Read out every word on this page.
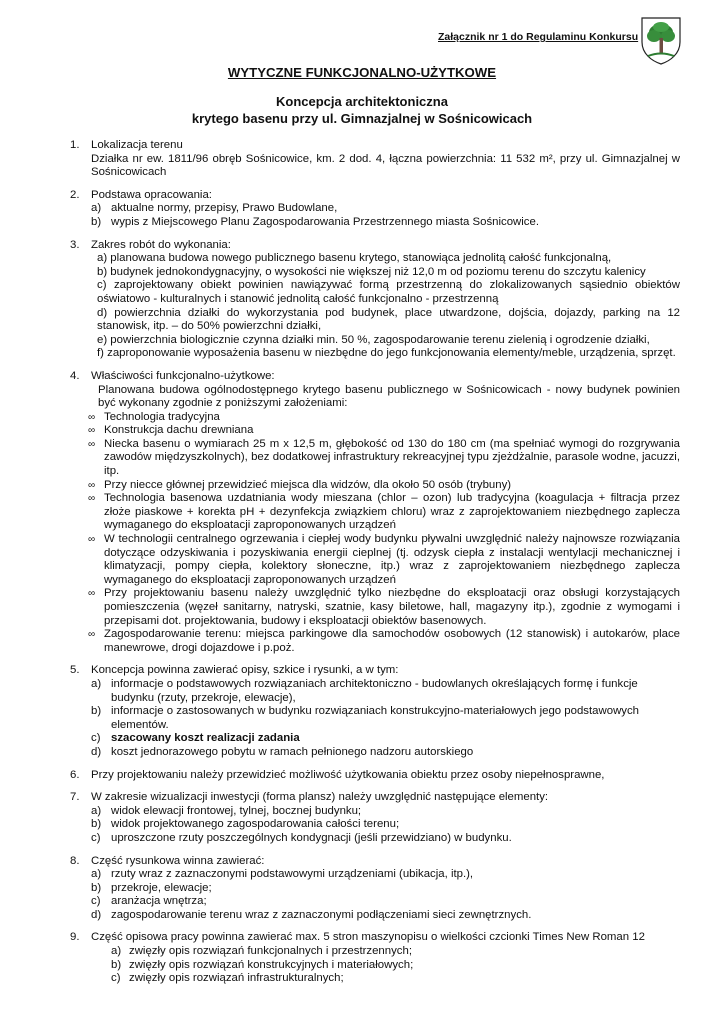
Załącznik nr 1 do Regulaminu Konkursu
WYTYCZNE FUNKCJONALNO-UŻYTKOWE
Koncepcja architektoniczna
krytego basenu przy ul. Gimnazjalnej w Sośnicowicach
1. Lokalizacja terenu

Działka nr ew. 1811/96 obręb Sośnicowice, km. 2 dod. 4, łączna powierzchnia: 11 532 m², przy ul. Gimnazjalnej w Sośnicowicach

2. Podstawa opracowania:

a) aktualne normy, przepisy, Prawo Budowlane,
b) wypis z Miejscowego Planu Zagospodarowania Przestrzennego miasta Sośnicowice.
3. Zakres robót do wykonania:

a) planowana budowa nowego publicznego basenu krytego, stanowiąca jednolitą całość funkcjonalną,

b) budynek jednokondygnacyjny, o wysokości nie większej niż 12,0 m od poziomu terenu do szczytu kalenicy

c) zaprojektowany obiekt powinien nawiązywać formą przestrzenną do zlokalizowanych sąsiednio obiektów oświatowo - kulturalnych i stanowić jednolitą całość funkcjonalno - przestrzenną

d) powierzchnia działki do wykorzystania pod budynek, place utwardzone, dojścia, dojazdy, parking na 12 stanowisk, itp. – do 50% powierzchni działki,

e) powierzchnia biologicznie czynna działki min. 50 %, zagospodarowanie terenu zielenią i ogrodzenie działki,

f) zaproponowanie wyposażenia basenu w niezbędne do jego funkcjonowania elementy/meble, urządzenia, sprzęt.

4. Właściwości funkcjonalno-użytkowe:

Planowana budowa ogólnodostępnego krytego basenu publicznego w Sośnicowicach - nowy budynek powinien być wykonany zgodnie z poniższymi założeniami:

∞ Technologia tradycyjna
∞ Konstrukcja dachu drewniana
∞ Niecka basenu o wymiarach 25 m x 12,5 m, głębokość od 130 do 180 cm (ma spełniać wymogi do rozgrywania zawodów międzyszkolnych), bez dodatkowej infrastruktury rekreacyjnej typu zjeżdżalnie, parasole wodne, jacuzzi, itp.
∞ Przy niecce głównej przewidzieć miejsca dla widzów, dla około 50 osób (trybuny)
∞ Technologia basenowa uzdatniania wody mieszana (chlor – ozon) lub tradycyjna (koagulacja + filtracja przez złoże piaskowe + korekta pH + dezynfekcja związkiem chloru) wraz z zaprojektowaniem niezbędnego zaplecza wymaganego do eksploatacji zaproponowanych urządzeń
∞ W technologii centralnego ogrzewania i ciepłej wody budynku pływalni uwzględnić należy najnowsze rozwiązania dotyczące odzyskiwania i pozyskiwania energii cieplnej (tj. odzysk ciepła z instalacji wentylacji mechanicznej i klimatyzacji, pompy ciepła, kolektory słoneczne, itp.) wraz z zaprojektowaniem niezbędnego zaplecza wymaganego do eksploatacji zaproponowanych urządzeń
∞ Przy projektowaniu basenu należy uwzględnić tylko niezbędne do eksploatacji oraz obsługi korzystających pomieszczenia (węzeł sanitarny, natryski, szatnie, kasy biletowe, hall, magazyny itp.), zgodnie z wymogami i przepisami dot. projektowania, budowy i eksploatacji obiektów basenowych.
∞ Zagospodarowanie terenu: miejsca parkingowe dla samochodów osobowych (12 stanowisk) i autokarów, place manewrowe, drogi dojazdowe i p.poż.
5. Koncepcja powinna zawierać opisy, szkice i rysunki, a w tym:

a) informacje o podstawowych rozwiązaniach architektoniczno - budowlanych określających formę i funkcje budynku (rzuty, przekroje, elewacje),
b) informacje o zastosowanych w budynku rozwiązaniach konstrukcyjno-materiałowych jego podstawowych elementów.
c) szacowany koszt realizacji zadania
d) koszt jednorazowego pobytu w ramach pełnionego nadzoru autorskiego
6. Przy projektowaniu należy przewidzieć możliwość użytkowania obiektu przez osoby niepełnosprawne,

7. W zakresie wizualizacji inwestycji (forma plansz) należy uwzględnić następujące elementy:

a) widok elewacji frontowej, tylnej, bocznej budynku;
b) widok projektowanego zagospodarowania całości terenu;
c) uproszczone rzuty poszczególnych kondygnacji (jeśli przewidziano) w budynku.
8. Część rysunkowa winna zawierać:

a) rzuty wraz z zaznaczonymi podstawowymi urządzeniami (ubikacja, itp.),
b) przekroje, elewacje;
c) aranżacja wnętrza;
d) zagospodarowanie terenu wraz z zaznaczonymi podłączeniami sieci zewnętrznych.
9. Część opisowa pracy powinna zawierać max. 5 stron maszynopisu o wielkości czcionki Times New Roman 12

a) zwięzły opis rozwiązań funkcjonalnych i przestrzennych;
b) zwięzły opis rozwiązań konstrukcyjnych i materiałowych;
c) zwięzły opis rozwiązań infrastrukturalnych;
